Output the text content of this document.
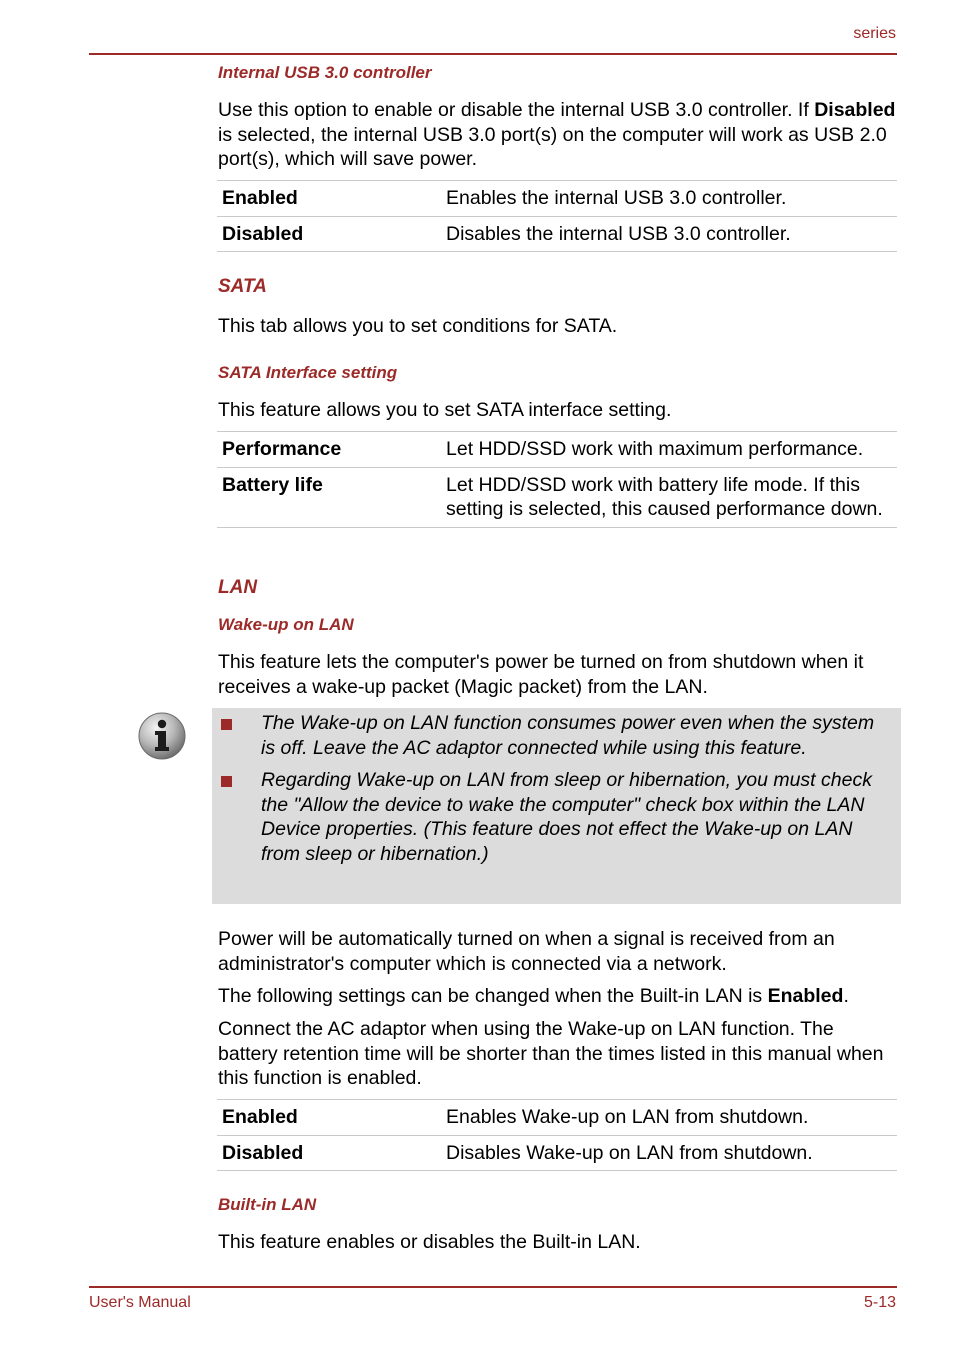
series
Internal USB 3.0 controller
Use this option to enable or disable the internal USB 3.0 controller. If Disabled is selected, the internal USB 3.0 port(s) on the computer will work as USB 2.0 port(s), which will save power.
Enabled	Enables the internal USB 3.0 controller.
Disabled	Disables the internal USB 3.0 controller.
SATA
This tab allows you to set conditions for SATA.
SATA Interface setting
This feature allows you to set SATA interface setting.
Performance	Let HDD/SSD work with maximum performance.
Battery life	Let HDD/SSD work with battery life mode. If this setting is selected, this caused performance down.
LAN
Wake-up on LAN
This feature lets the computer's power be turned on from shutdown when it receives a wake-up packet (Magic packet) from the LAN.
The Wake-up on LAN function consumes power even when the system is off. Leave the AC adaptor connected while using this feature.
Regarding Wake-up on LAN from sleep or hibernation, you must check the "Allow the device to wake the computer" check box within the LAN Device properties. (This feature does not effect the Wake-up on LAN from sleep or hibernation.)
Power will be automatically turned on when a signal is received from an administrator's computer which is connected via a network.
The following settings can be changed when the Built-in LAN is Enabled.
Connect the AC adaptor when using the Wake-up on LAN function. The battery retention time will be shorter than the times listed in this manual when this function is enabled.
Enabled	Enables Wake-up on LAN from shutdown.
Disabled	Disables Wake-up on LAN from shutdown.
Built-in LAN
This feature enables or disables the Built-in LAN.
User's Manual	5-13
